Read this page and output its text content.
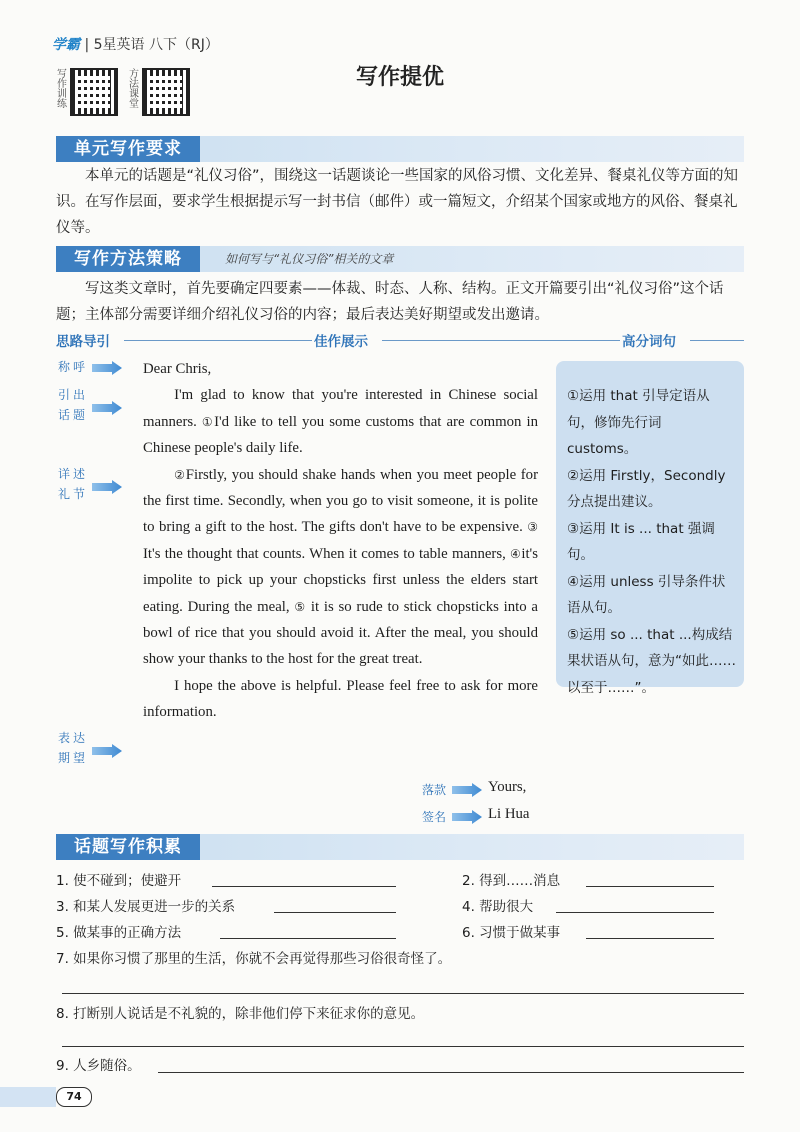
学霸 | 5星英语 八下（RJ）
写作训练
方法课堂
写作提优
单元写作要求
本单元的话题是“礼仪习俗”，围绕这一话题谈论一些国家的风俗习惯、文化差异、餐桌礼仪等方面的知识。在写作层面，要求学生根据提示写一封书信（邮件）或一篇短文，介绍某个国家或地方的风俗、餐桌礼仪等。
写作方法策略	如何写与“礼仪习俗”相关的文章
写这类文章时，首先要确定四要素——体裁、时态、人称、结构。正文开篇要引出“礼仪习俗”这个话题；主体部分需要详细介绍礼仪习俗的内容；最后表达美好期望或发出邀请。
思路导引	佳作展示	高分词句
称呼
引出话题
详述礼节
表达期望

Dear Chris,

I'm glad to know that you're interested in Chinese social manners. ①I'd like to tell you some customs that are common in Chinese people's daily life.

②Firstly, you should shake hands when you meet people for the first time. Secondly, when you go to visit someone, it is polite to bring a gift to the host. The gifts don't have to be expensive. ③ It's the thought that counts. When it comes to table manners, ④it's impolite to pick up your chopsticks first unless the elders start eating. During the meal, ⑤ it is so rude to stick chopsticks into a bowl of rice that you should avoid it. After the meal, you should show your thanks to the host for the great treat.

I hope the above is helpful. Please feel free to ask for more information.

①运用 that 引导定语从句，修饰先行词 customs。
②运用 Firstly，Secondly 分点提出建议。
③运用 It is ... that 强调句。
④运用 unless 引导条件状语从句。
⑤运用 so ... that ...构成结果状语从句，意为“如此……以至于……”。
落款	Yours,
签名	Li Hua
话题写作积累
1. 使不碰到；使避开	2. 得到……消息
3. 和某人发展更进一步的关系	4. 帮助很大
5. 做某事的正确方法	6. 习惯于做某事
7. 如果你习惯了那里的生活，你就不会再觉得那些习俗很奇怪了。
8. 打断别人说话是不礼貌的，除非他们停下来征求你的意见。
9. 人乡随俗。
74
